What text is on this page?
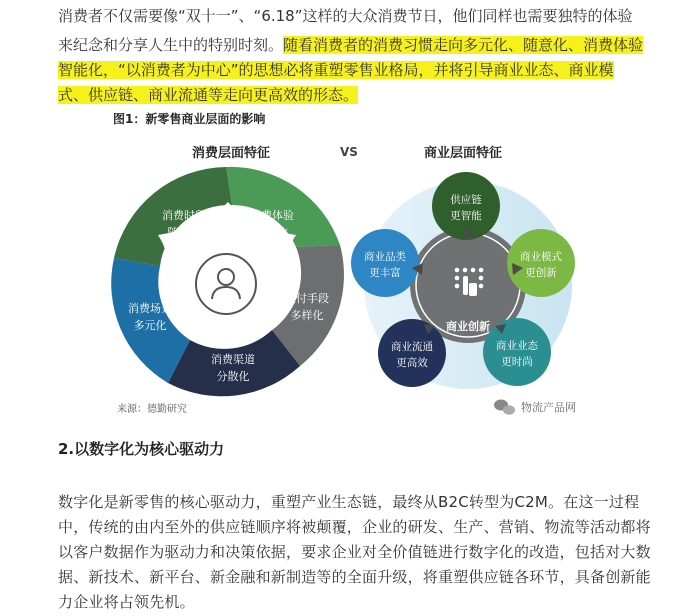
消费者不仅需要像“双十一”、“6.18”这样的大众消费节日，他们同样也需要独特的体验
来纪念和分享人生中的特别时刻。随看消费者的消费习惯走向多元化、随意化、消费体验
智能化，“以消费者为中心”的思想必将重塑零售业格局，并将引导商业业态、商业模
式、供应链、商业流通等走向更高效的形态。
图1：新零售商业层面的影响
消费层面特征	VS	商业层面特征
消费时段
随意化
消费体验
个性化
支付手段
多样化
消费渠道
分散化
消费场景
多元化	商业创新
供应链
更智能
商业模式
更创新
商业业态
更时尚
商业流通
更高效
商业品类
更丰富
来源：德勤研究	物流产品网
2.以数字化为核心驱动力

数字化是新零售的核心驱动力，重塑产业生态链，最终从B2C转型为C2M。在这一过程中，传统的由内至外的供应链顺序将被颠覆，企业的研发、生产、营销、物流等活动都将以客户数据作为驱动力和决策依据，要求企业对全价值链进行数字化的改造，包括对大数据、新技术、新平台、新金融和新制造等的全面升级，将重塑供应链各环节，具备创新能力企业将占领先机。
